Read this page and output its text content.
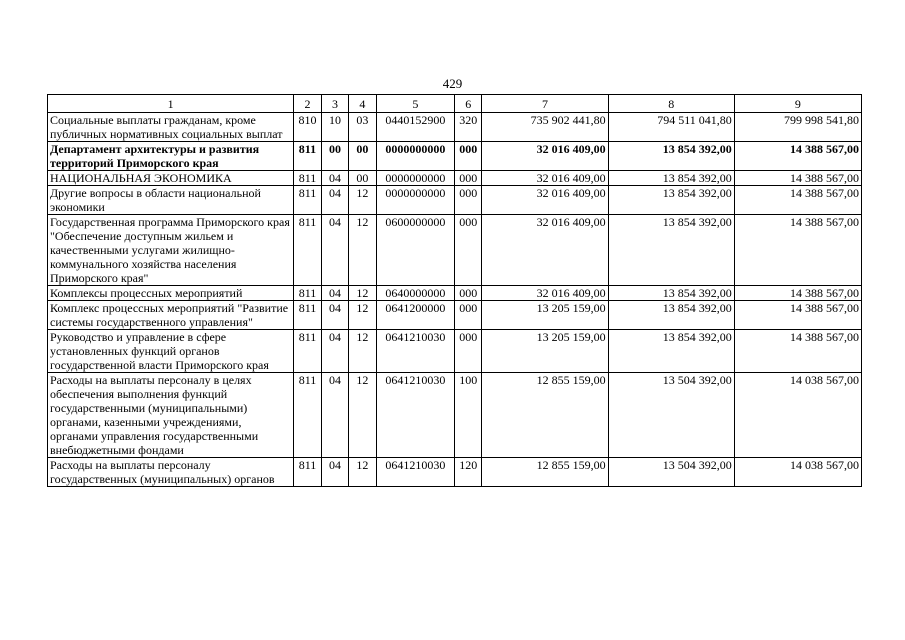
429
1	2	3	4	5	6	7	8	9
Социальные выплаты гражданам, кроме публичных нормативных социальных выплат	810	10	03	0440152900	320	735 902 441,80	794 511 041,80	799 998 541,80
Департамент архитектуры и развития территорий Приморского края	811	00	00	0000000000	000	32 016 409,00	13 854 392,00	14 388 567,00
НАЦИОНАЛЬНАЯ ЭКОНОМИКА	811	04	00	0000000000	000	32 016 409,00	13 854 392,00	14 388 567,00
Другие вопросы в области национальной экономики	811	04	12	0000000000	000	32 016 409,00	13 854 392,00	14 388 567,00
Государственная программа Приморского края "Обеспечение доступным жильем и качественными услугами жилищно-коммунального хозяйства населения Приморского края"	811	04	12	0600000000	000	32 016 409,00	13 854 392,00	14 388 567,00
Комплексы процессных мероприятий	811	04	12	0640000000	000	32 016 409,00	13 854 392,00	14 388 567,00
Комплекс процессных мероприятий "Развитие системы государственного управления"	811	04	12	0641200000	000	13 205 159,00	13 854 392,00	14 388 567,00
Руководство и управление в сфере установленных функций органов государственной власти Приморского края	811	04	12	0641210030	000	13 205 159,00	13 854 392,00	14 388 567,00
Расходы на выплаты персоналу в целях обеспечения выполнения функций государственными (муниципальными) органами, казенными учреждениями, органами управления государственными внебюджетными фондами	811	04	12	0641210030	100	12 855 159,00	13 504 392,00	14 038 567,00
Расходы на выплаты персоналу государственных (муниципальных) органов	811	04	12	0641210030	120	12 855 159,00	13 504 392,00	14 038 567,00
